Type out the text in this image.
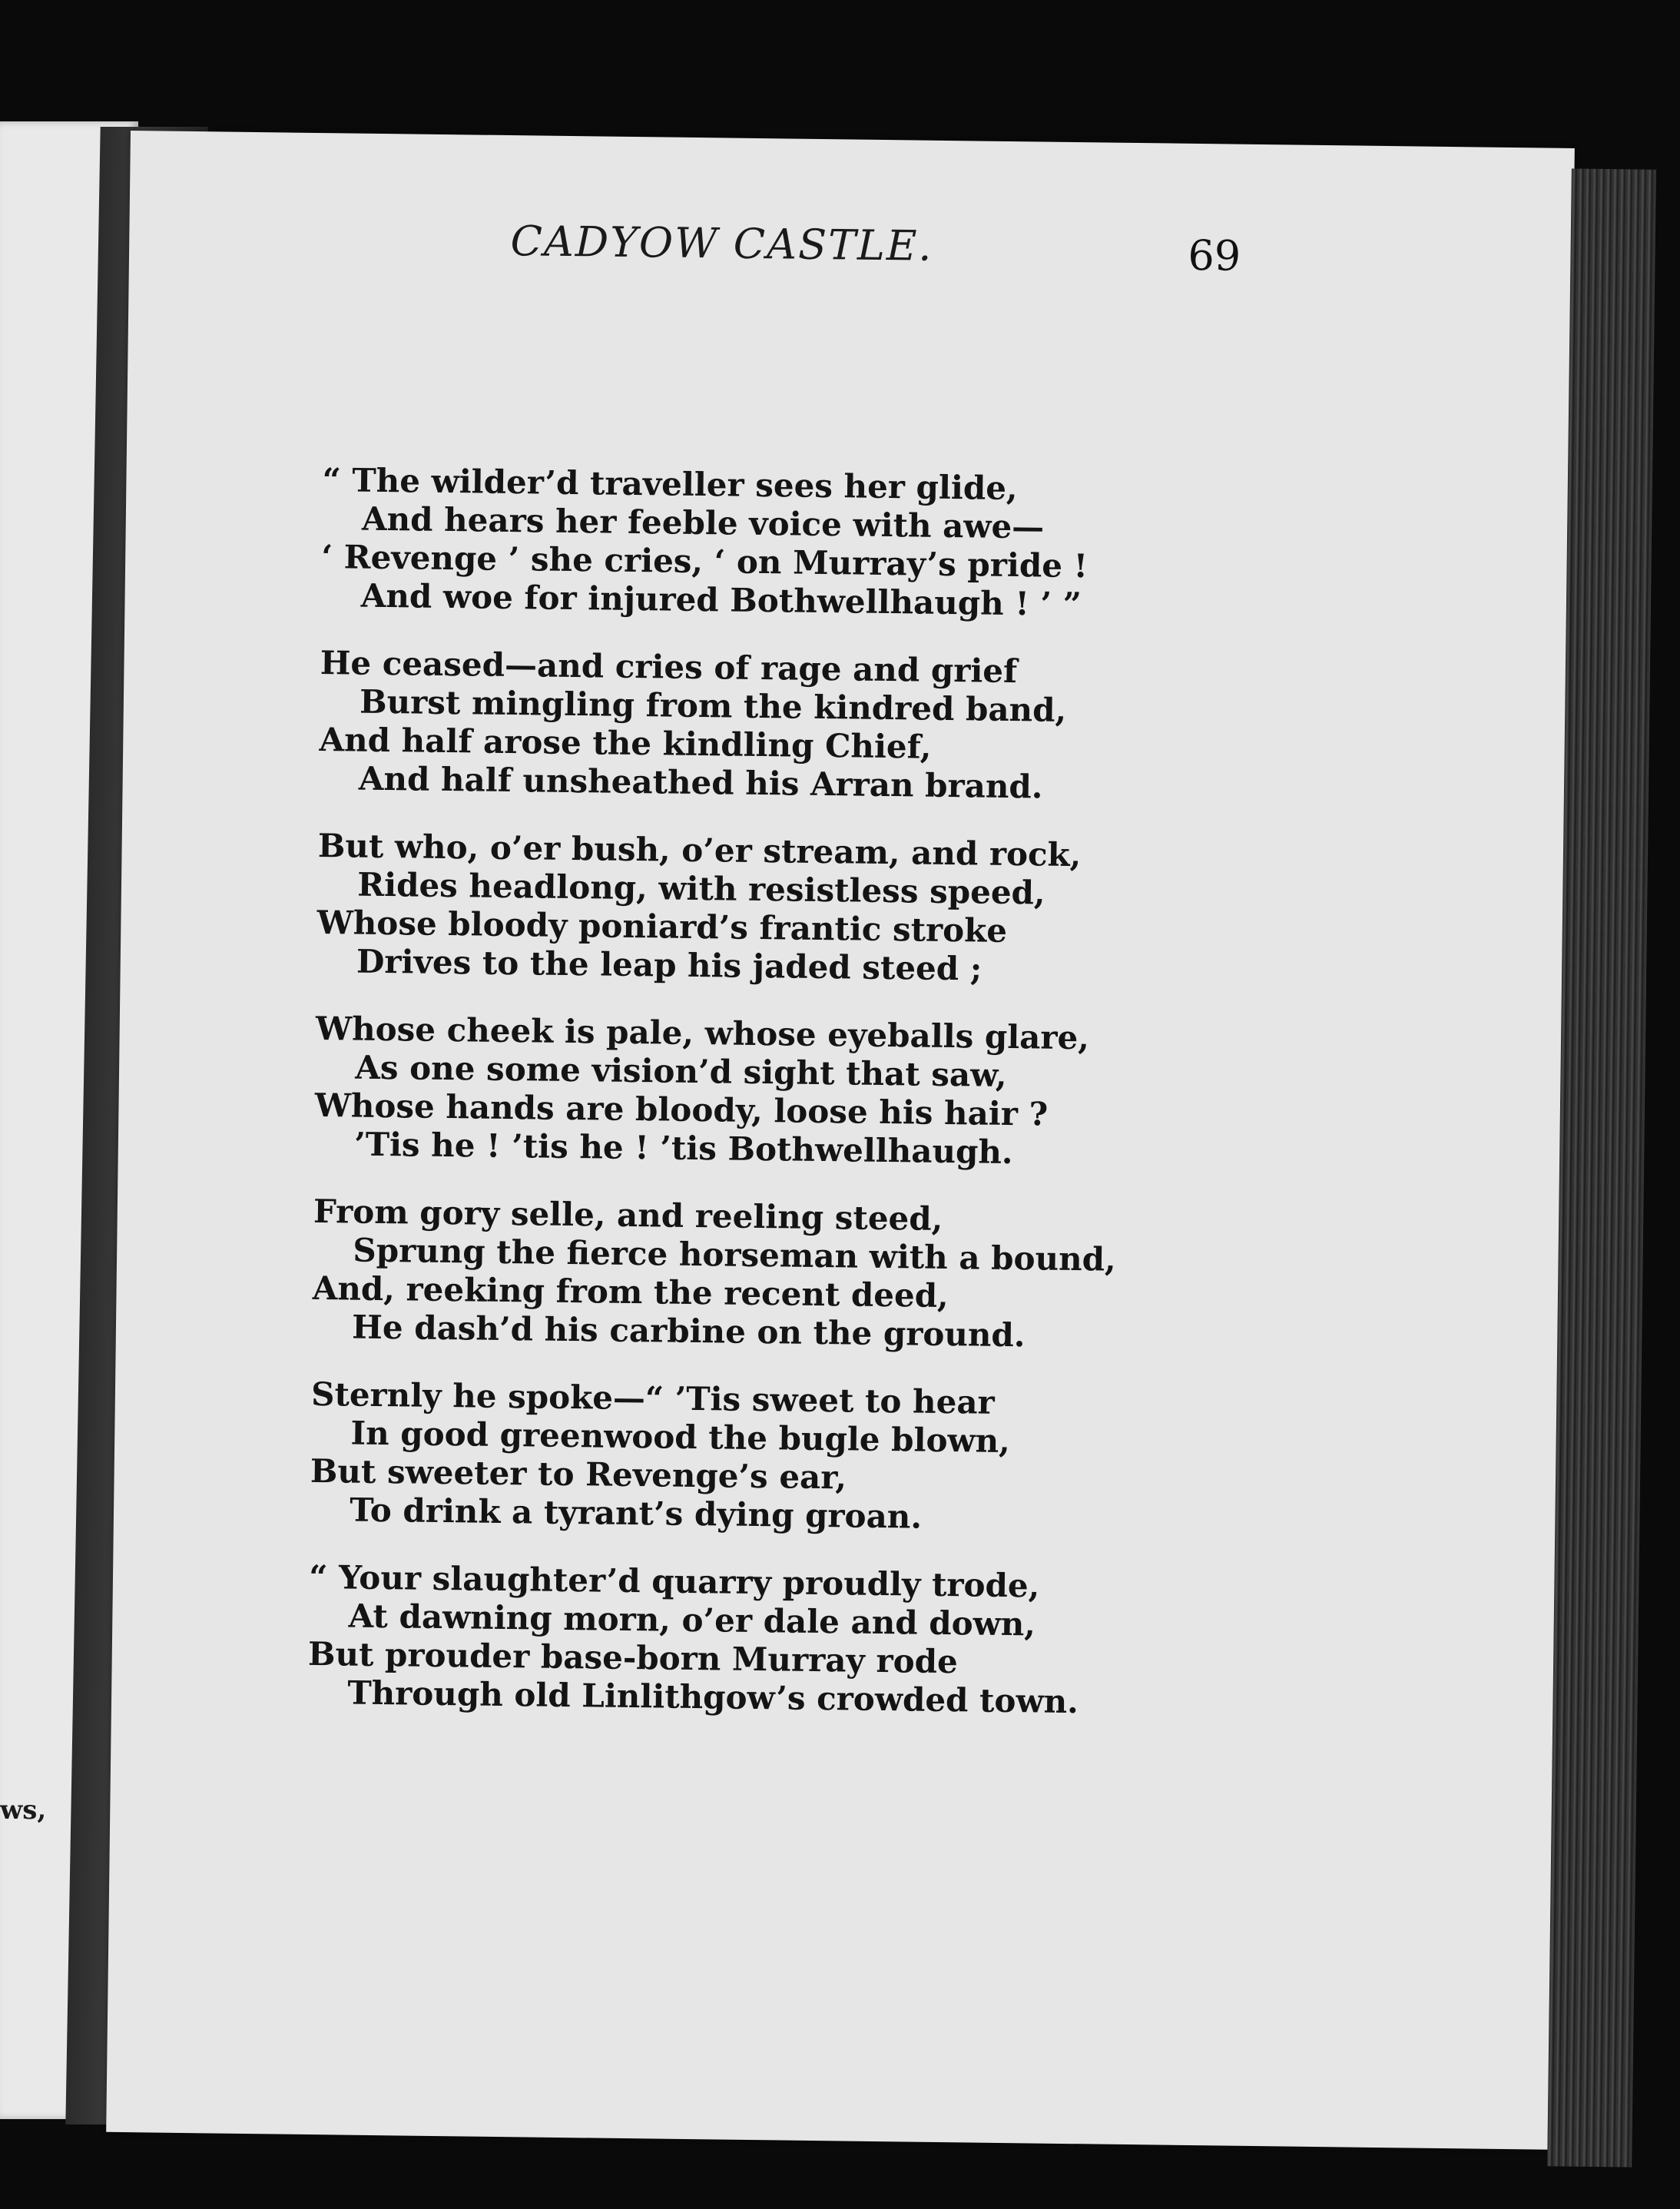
ws,
CADYOW CASTLE.	69
“ The wilder’d traveller sees her glide,
And hears her feeble voice with awe—
‘ Revenge ’ she cries, ‘ on Murray’s pride !
And woe for injured Bothwellhaugh ! ’ ”
He ceased—and cries of rage and grief
Burst mingling from the kindred band,
And half arose the kindling Chief,
And half unsheathed his Arran brand.
But who, o’er bush, o’er stream, and rock,
Rides headlong, with resistless speed,
Whose bloody poniard’s frantic stroke
Drives to the leap his jaded steed ;
Whose cheek is pale, whose eyeballs glare,
As one some vision’d sight that saw,
Whose hands are bloody, loose his hair ?
’Tis he ! ’tis he ! ’tis Bothwellhaugh.
From gory selle, and reeling steed,
Sprung the fierce horseman with a bound,
And, reeking from the recent deed,
He dash’d his carbine on the ground.
Sternly he spoke—“ ’Tis sweet to hear
In good greenwood the bugle blown,
But sweeter to Revenge’s ear,
To drink a tyrant’s dying groan.
“ Your slaughter’d quarry proudly trode,
At dawning morn, o’er dale and down,
But prouder base-born Murray rode
Through old Linlithgow’s crowded town.
